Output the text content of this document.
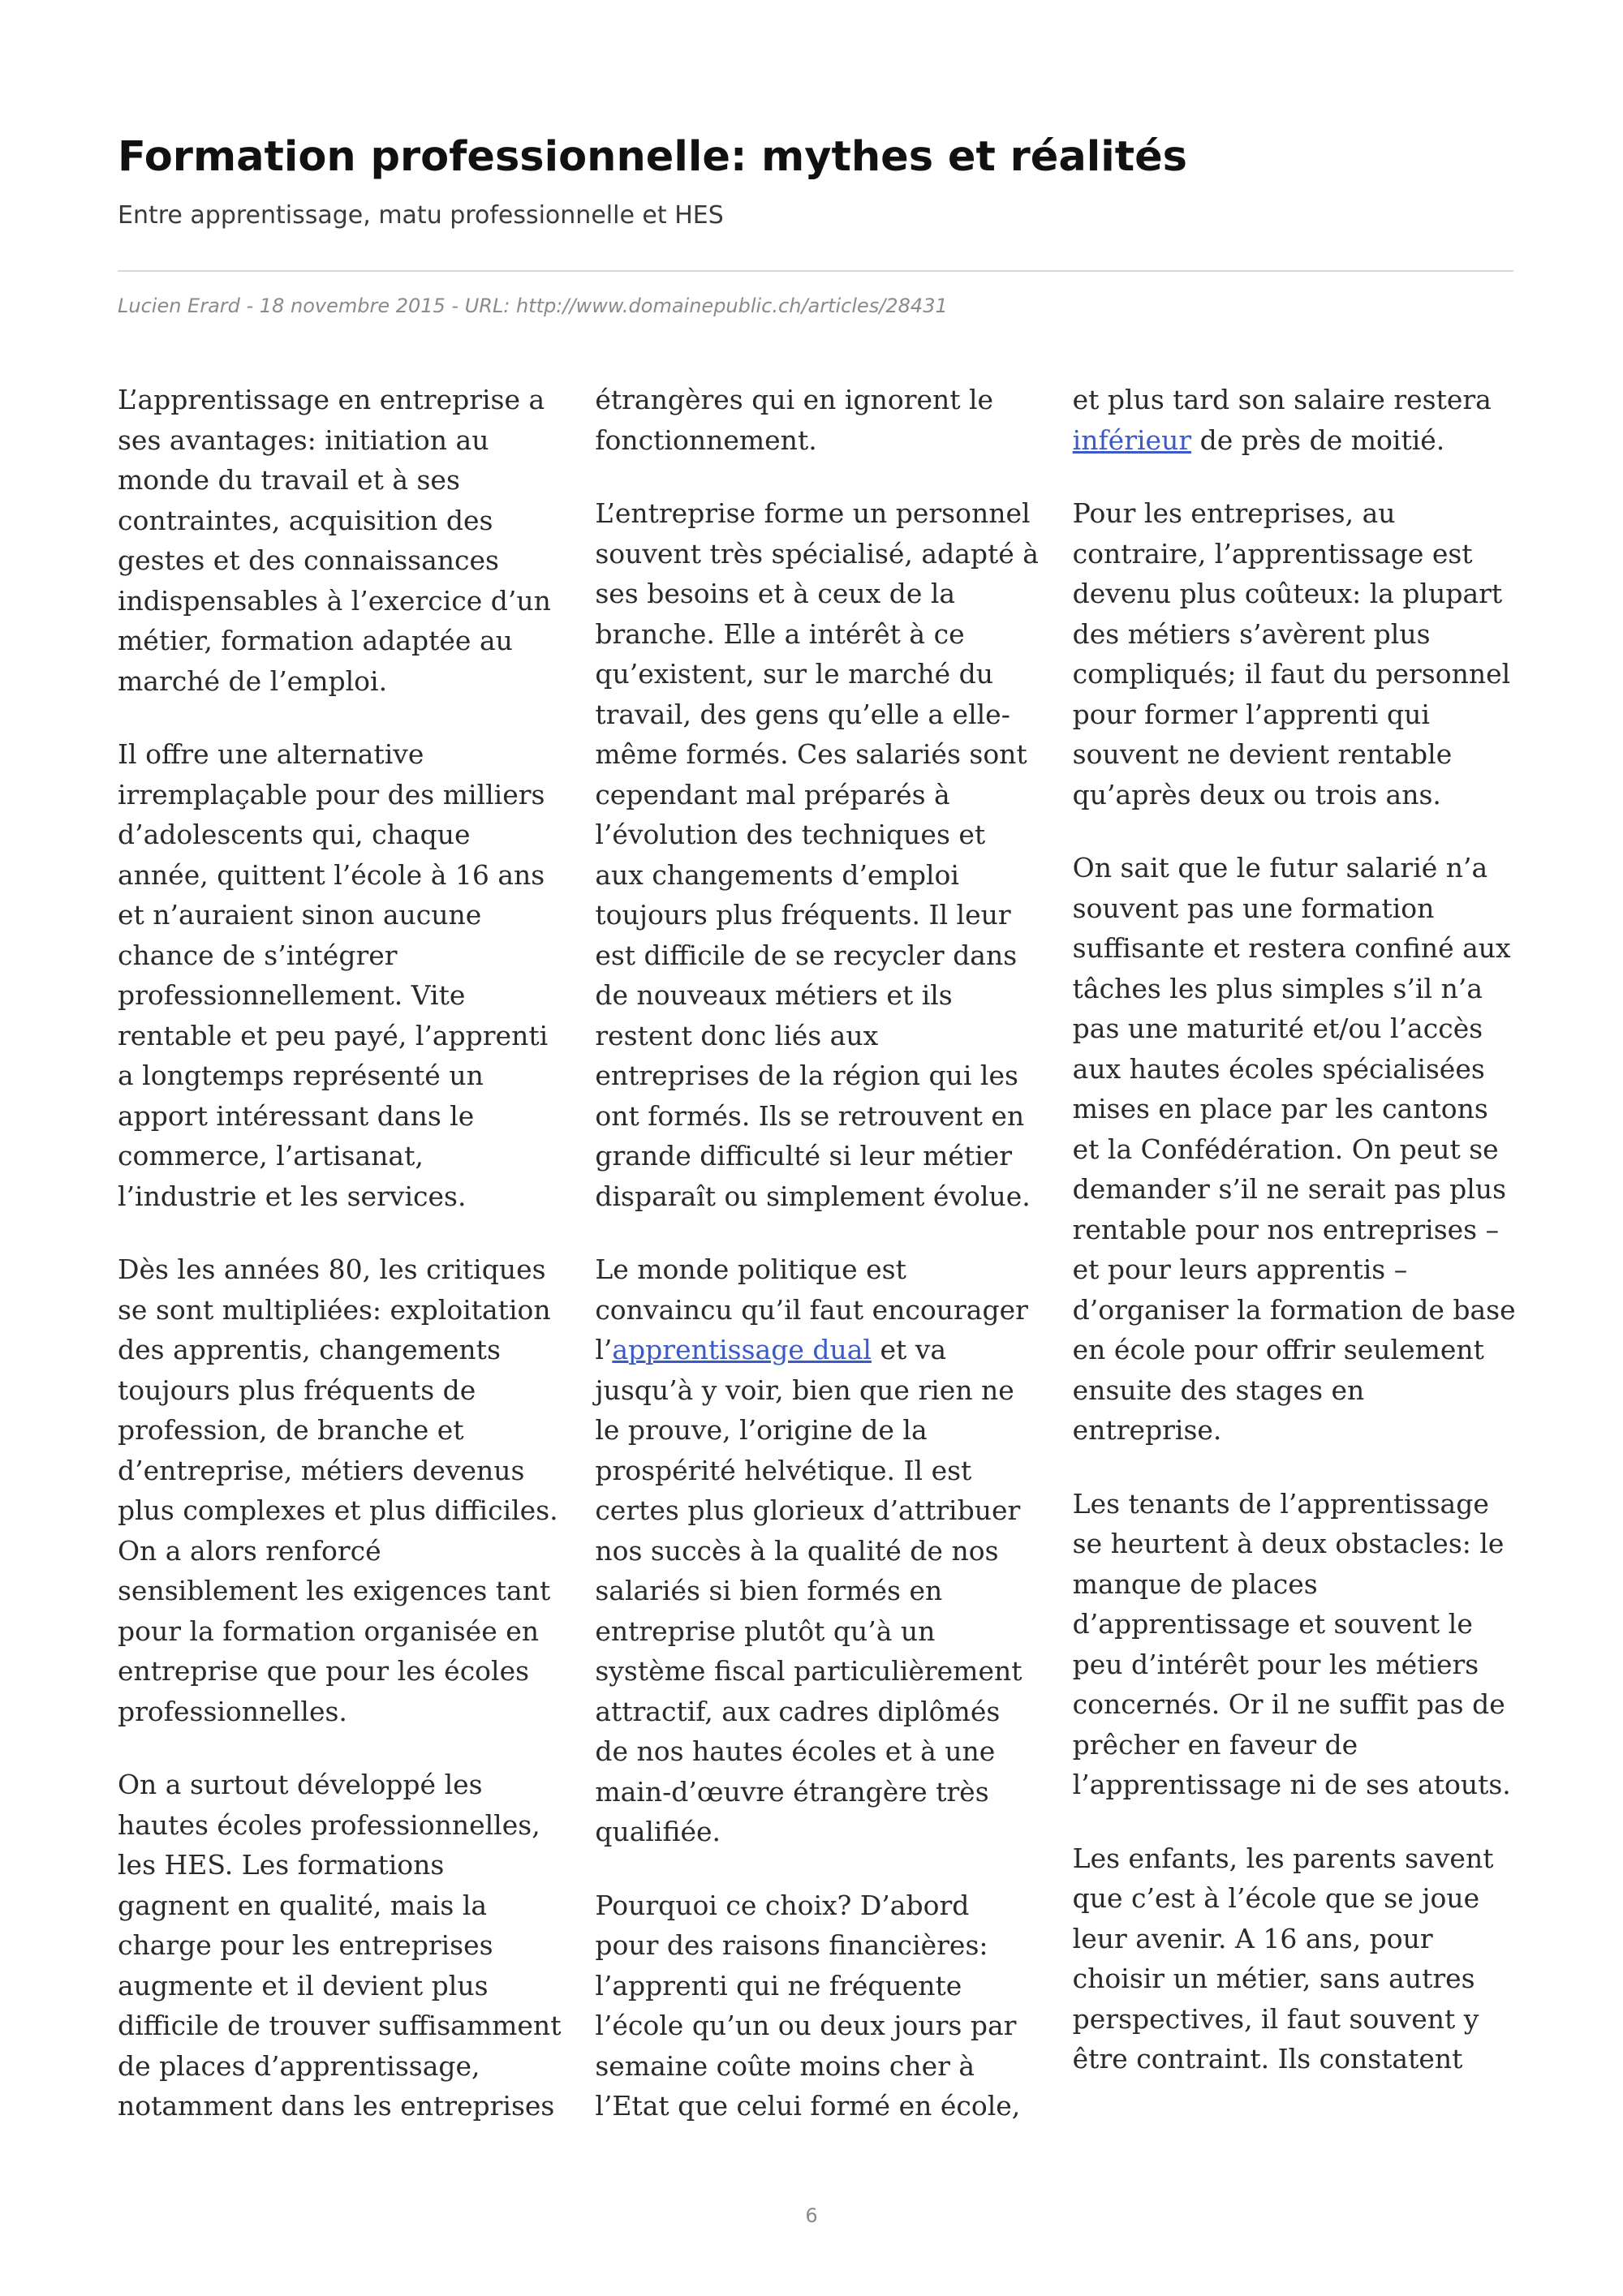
Formation professionnelle: mythes et réalités
Entre apprentissage, matu professionnelle et HES
Lucien Erard - 18 novembre 2015 - URL: http://www.domainepublic.ch/articles/28431

L’apprentissage en entreprise a ses avantages: initiation au monde du travail et à ses contraintes, acquisition des gestes et des connaissances indispensables à l’exercice d’un métier, formation adaptée au marché de l’emploi.

Il offre une alternative irremplaçable pour des milliers d’adolescents qui, chaque année, quittent l’école à 16 ans et n’auraient sinon aucune chance de s’intégrer professionnellement. Vite rentable et peu payé, l’apprenti a longtemps représenté un apport intéressant dans le commerce, l’artisanat, l’industrie et les services.

Dès les années 80, les critiques se sont multipliées: exploitation des apprentis, changements toujours plus fréquents de profession, de branche et d’entreprise, métiers devenus plus complexes et plus difficiles. On a alors renforcé sensiblement les exigences tant pour la formation organisée en entreprise que pour les écoles professionnelles.

On a surtout développé les hautes écoles professionnelles, les HES. Les formations gagnent en qualité, mais la charge pour les entreprises augmente et il devient plus difficile de trouver suffisamment de places d’apprentissage, notamment dans les entreprises étrangères qui en ignorent le fonctionnement.

L’entreprise forme un personnel souvent très spécialisé, adapté à ses besoins et à ceux de la branche. Elle a intérêt à ce qu’existent, sur le marché du travail, des gens qu’elle a elle-même formés. Ces salariés sont cependant mal préparés à l’évolution des techniques et aux changements d’emploi toujours plus fréquents. Il leur est difficile de se recycler dans de nouveaux métiers et ils restent donc liés aux entreprises de la région qui les ont formés. Ils se retrouvent en grande difficulté si leur métier disparaît ou simplement évolue.

Le monde politique est convaincu qu’il faut encourager l’apprentissage dual et va jusqu’à y voir, bien que rien ne le prouve, l’origine de la prospérité helvétique. Il est certes plus glorieux d’attribuer nos succès à la qualité de nos salariés si bien formés en entreprise plutôt qu’à un système fiscal particulièrement attractif, aux cadres diplômés de nos hautes écoles et à une main-d’œuvre étrangère très qualifiée.

Pourquoi ce choix? D’abord pour des raisons financières: l’apprenti qui ne fréquente l’école qu’un ou deux jours par semaine coûte moins cher à l’Etat que celui formé en école, et plus tard son salaire restera inférieur de près de moitié.

Pour les entreprises, au contraire, l’apprentissage est devenu plus coûteux: la plupart des métiers s’avèrent plus compliqués; il faut du personnel pour former l’apprenti qui souvent ne devient rentable qu’après deux ou trois ans.

On sait que le futur salarié n’a souvent pas une formation suffisante et restera confiné aux tâches les plus simples s’il n’a pas une maturité et/ou l’accès aux hautes écoles spécialisées mises en place par les cantons et la Confédération. On peut se demander s’il ne serait pas plus rentable pour nos entreprises – et pour leurs apprentis – d’organiser la formation de base en école pour offrir seulement ensuite des stages en entreprise.

Les tenants de l’apprentissage se heurtent à deux obstacles: le manque de places d’apprentissage et souvent le peu d’intérêt pour les métiers concernés. Or il ne suffit pas de prêcher en faveur de l’apprentissage ni de ses atouts.

Les enfants, les parents savent que c’est à l’école que se joue leur avenir. A 16 ans, pour choisir un métier, sans autres perspectives, il faut souvent y être contraint. Ils constatent

6
